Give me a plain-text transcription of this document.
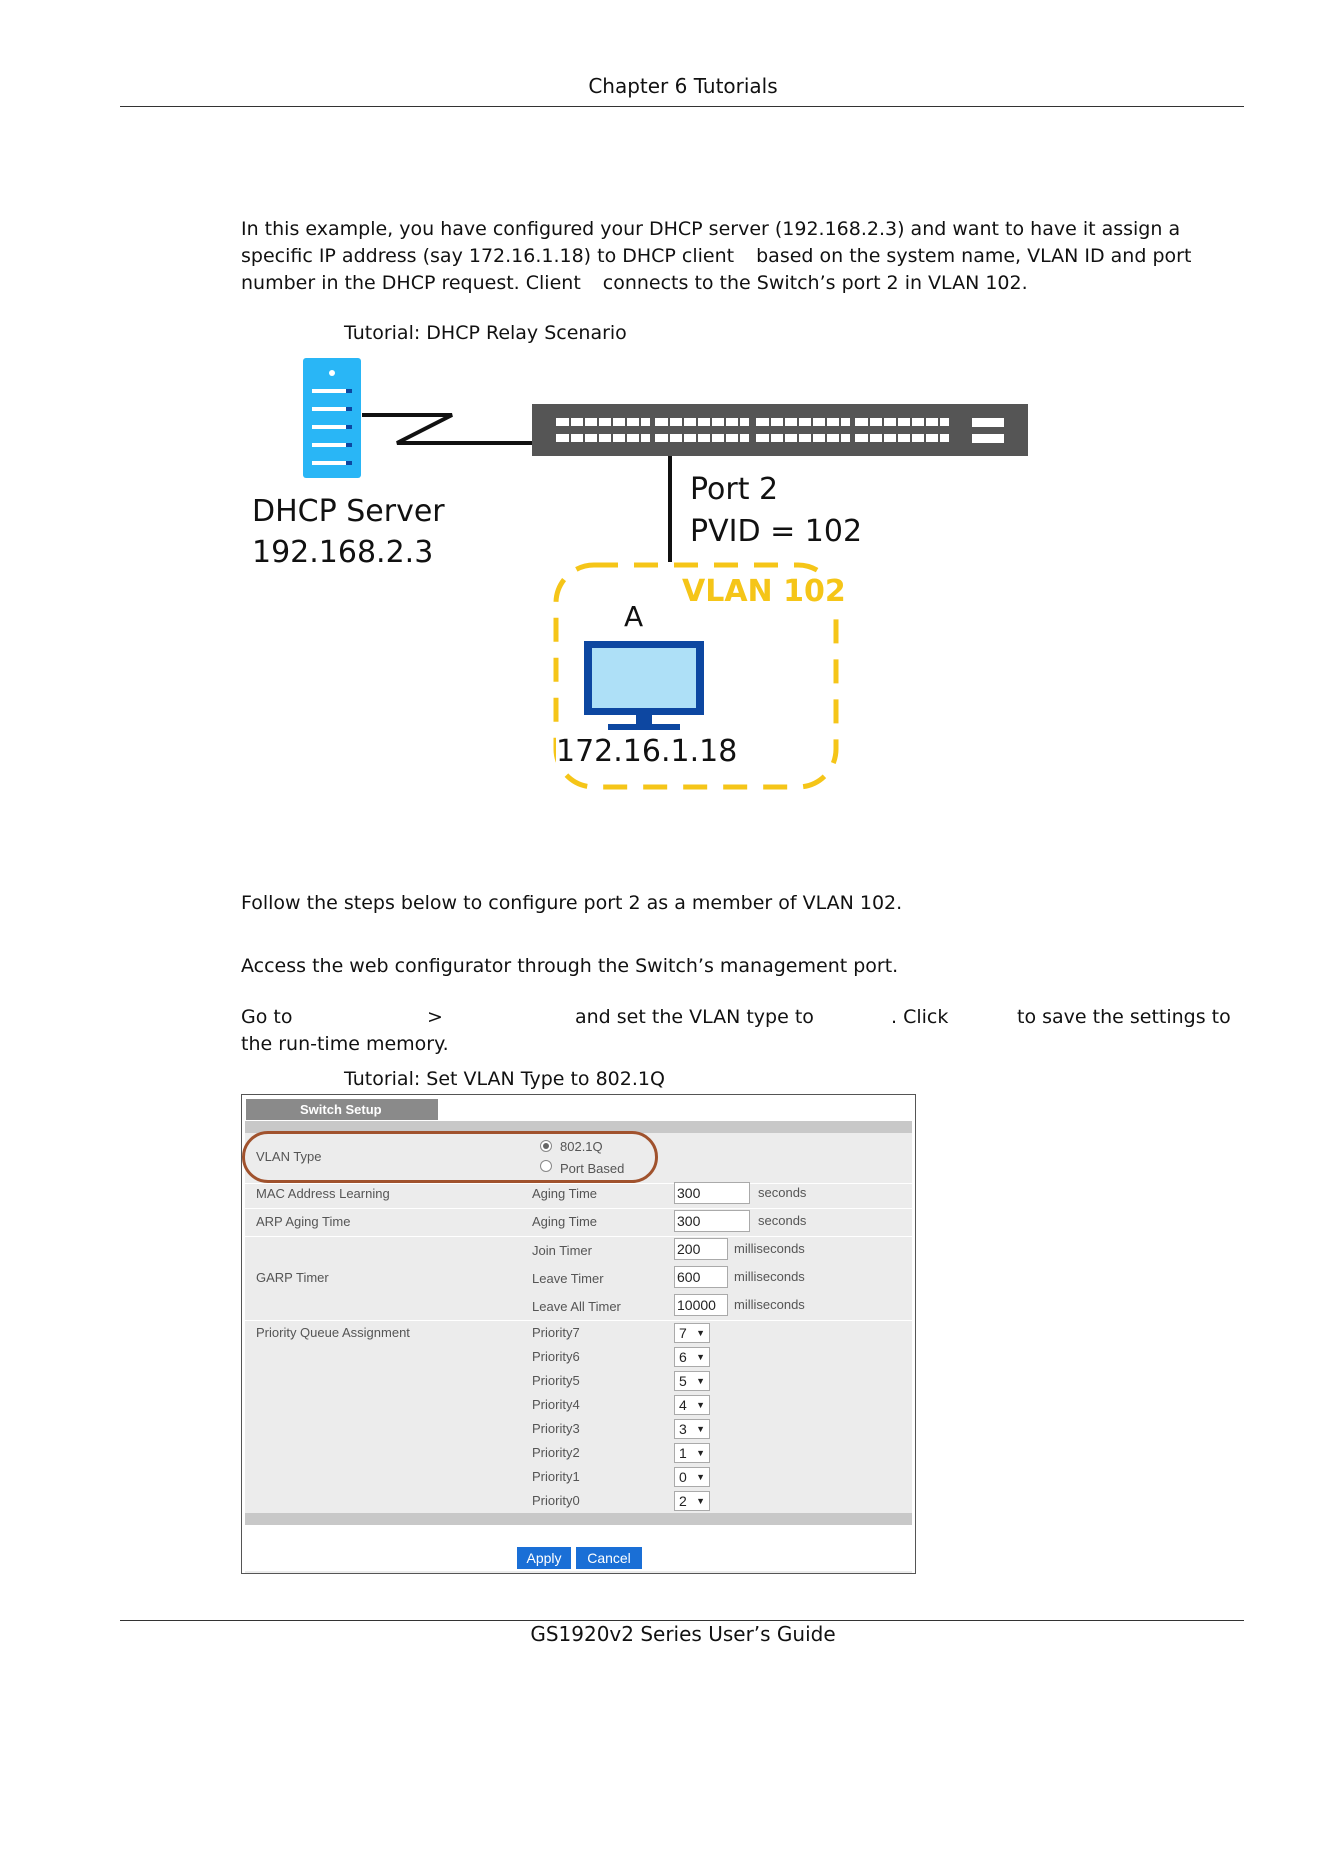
Chapter 6 Tutorials
In this example, you have configured your DHCP server (192.168.2.3) and want to have it assign a
specific IP address (say 172.16.1.18) to DHCP client based on the system name, VLAN ID and port
number in the DHCP request. Client connects to the Switch’s port 2 in VLAN 102.
Tutorial: DHCP Relay Scenario
DHCP Server
192.168.2.3
Port 2
PVID = 102
VLAN 102
A
172.16.1.18
Follow the steps below to configure port 2 as a member of VLAN 102.
Access the web configurator through the Switch’s management port.
Go to	>	and set the VLAN type to	. Click	to save the settings to
the run-time memory.
Tutorial: Set VLAN Type to 802.1Q
Switch Setup
VLAN Type
802.1Q
Port Based
MAC Address Learning	Aging Time	300	seconds
ARP Aging Time	Aging Time	300	seconds
GARP Timer
Join Timer	200	milliseconds
Leave Timer	600	milliseconds
Leave All Timer	10000	milliseconds
Priority Queue Assignment	Priority7	7 ▼
Priority6	6 ▼
Priority5	5 ▼
Priority4	4 ▼
Priority3	3 ▼
Priority2	1 ▼
Priority1	0 ▼
Priority0	2 ▼
Apply	Cancel
GS1920v2 Series User’s Guide
